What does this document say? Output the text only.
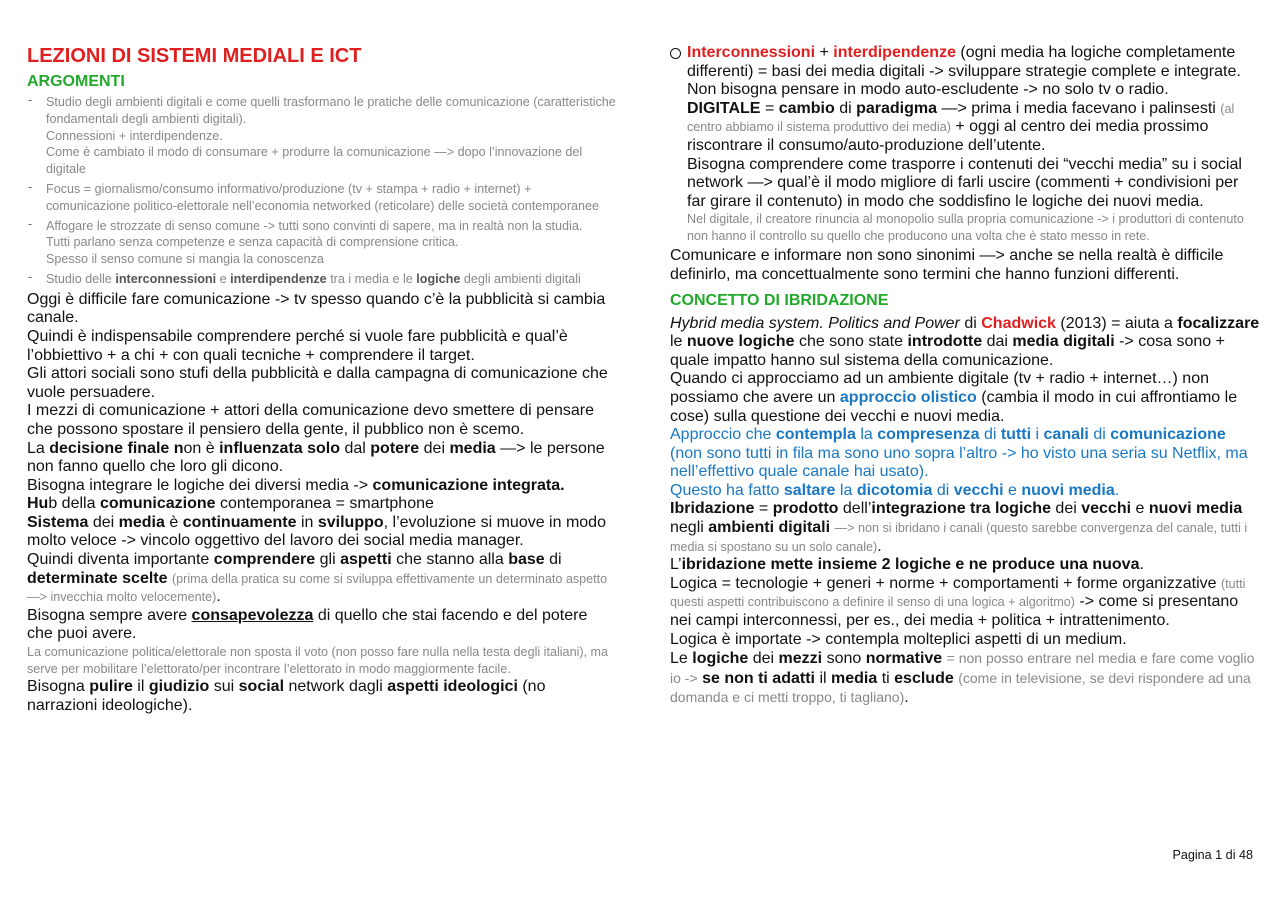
LEZIONI DI SISTEMI MEDIALI E ICT
ARGOMENTI
- Studio degli ambienti digitali e come quelli trasformano le pratiche delle comunicazione (caratteristiche fondamentali degli ambienti digitali).
Connessioni + interdipendenze.
Come è cambiato il modo di consumare + produrre la comunicazione —> dopo l’innovazione del digitale
- Focus = giornalismo/consumo informativo/produzione (tv + stampa + radio + internet) + comunicazione politico-elettorale nell’economia networked (reticolare) delle società contemporanee
- Affogare le strozzate di senso comune -> tutti sono convinti di sapere, ma in realtà non la studia.
Tutti parlano senza competenze e senza capacità di comprensione critica.
Spesso il senso comune si mangia la conoscenza
- Studio delle interconnessioni e interdipendenze tra i media e le logiche degli ambienti digitali

Oggi è difficile fare comunicazione -> tv spesso quando c’è la pubblicità si cambia canale.

Quindi è indispensabile comprendere perché si vuole fare pubblicità e qual’è l’obbiettivo + a chi + con quali tecniche + comprendere il target.

Gli attori sociali sono stufi della pubblicità e dalla campagna di comunicazione che vuole persuadere.

I mezzi di comunicazione + attori della comunicazione devo smettere di pensare che possono spostare il pensiero della gente, il pubblico non è scemo.

La decisione finale non è influenzata solo dal potere dei media —> le persone non fanno quello che loro gli dicono.

Bisogna integrare le logiche dei diversi media -> comunicazione integrata.

Hub della comunicazione contemporanea = smartphone

Sistema dei media è continuamente in sviluppo, l’evoluzione si muove in modo molto veloce -> vincolo oggettivo del lavoro dei social media manager.

Quindi diventa importante comprendere gli aspetti che stanno alla base di determinate scelte (prima della pratica su come si sviluppa effettivamente un determinato aspetto —> invecchia molto velocemente).

Bisogna sempre avere consapevolezza di quello che stai facendo e del potere che puoi avere.

La comunicazione politica/elettorale non sposta il voto (non posso fare nulla nella testa degli italiani), ma serve per mobilitare l’elettorato/per incontrare l’elettorato in modo maggiormente facile.

Bisogna pulire il giudizio sui social network dagli aspetti ideologici (no narrazioni ideologiche).

Interconnessioni + interdipendenze (ogni media ha logiche completamente differenti) = basi dei media digitali -> sviluppare strategie complete e integrate.

Non bisogna pensare in modo auto-escludente -> no solo tv o radio.

DIGITALE = cambio di paradigma —> prima i media facevano i palinsesti (al centro abbiamo il sistema produttivo dei media) + oggi al centro dei media prossimo riscontrare il consumo/auto-produzione dell’utente.

Bisogna comprendere come trasporre i contenuti dei “vecchi media” su i social network —> qual’è il modo migliore di farli uscire (commenti + condivisioni per far girare il contenuto) in modo che soddisfino le logiche dei nuovi media.

Nel digitale, il creatore rinuncia al monopolio sulla propria comunicazione -> i produttori di contenuto non hanno il controllo su quello che producono una volta che è stato messo in rete.

Comunicare e informare non sono sinonimi —> anche se nella realtà è difficile definirlo, ma concettualmente sono termini che hanno funzioni differenti.

CONCETTO DI IBRIDAZIONE

Hybrid media system. Politics and Power di Chadwick (2013) = aiuta a focalizzare le nuove logiche che sono state introdotte dai media digitali -> cosa sono + quale impatto hanno sul sistema della comunicazione.

Quando ci approcciamo ad un ambiente digitale (tv + radio + internet…) non possiamo che avere un approccio olistico (cambia il modo in cui affrontiamo le cose) sulla questione dei vecchi e nuovi media.

Approccio che contempla la compresenza di tutti i canali di comunicazione (non sono tutti in fila ma sono uno sopra l’altro -> ho visto una seria su Netflix, ma nell’effettivo quale canale hai usato).

Questo ha fatto saltare la dicotomia di vecchi e nuovi media.

Ibridazione = prodotto dell’integrazione tra logiche dei vecchi e nuovi media negli ambienti digitali —> non si ibridano i canali (questo sarebbe convergenza del canale, tutti i media si spostano su un solo canale).

L’ibridazione mette insieme 2 logiche e ne produce una nuova.

Logica = tecnologie + generi + norme + comportamenti + forme organizzative (tutti questi aspetti contribuiscono a definire il senso di una logica + algoritmo) -> come si presentano nei campi interconnessi, per es., dei media + politica + intrattenimento.

Logica è importate -> contempla molteplici aspetti di un medium.

Le logiche dei mezzi sono normative = non posso entrare nel media e fare come voglio io -> se non ti adatti il media ti esclude (come in televisione, se devi rispondere ad una domanda e ci metti troppo, ti tagliano).

Pagina 1 di 48
